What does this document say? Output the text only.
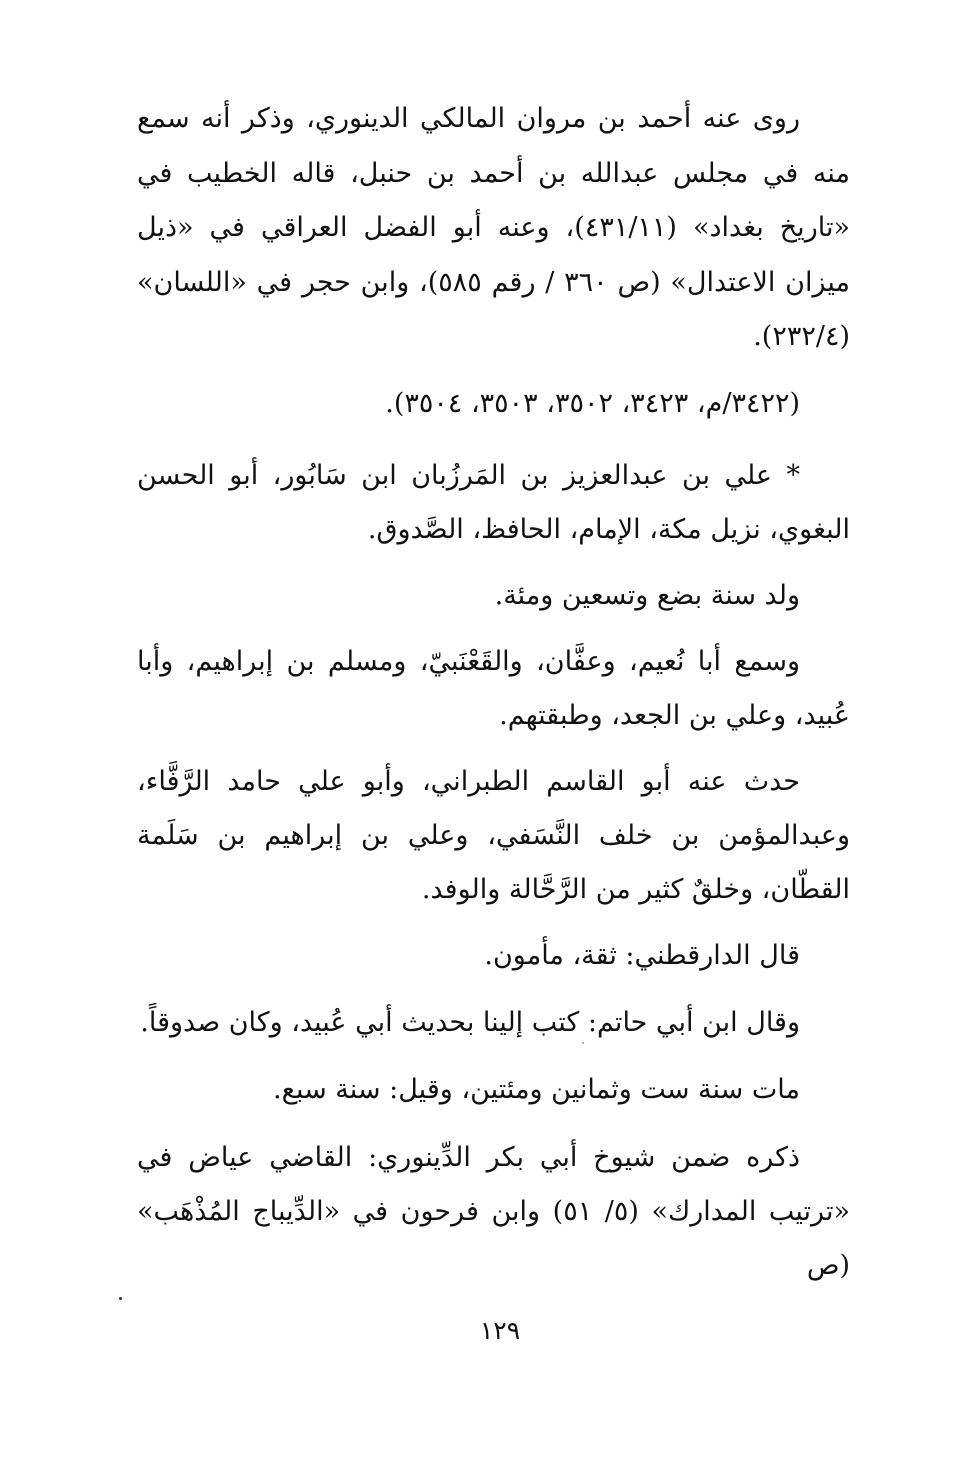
روى عنه أحمد بن مروان المالكي الدينوري، وذكر أنه سمع منه في مجلس عبدالله بن أحمد بن حنبل، قاله الخطيب في «تاريخ بغداد» (٤٣١/١١)، وعنه أبو الفضل العراقي في «ذيل ميزان الاعتدال» (ص ٣٦٠ / رقم ٥٨٥)، وابن حجر في «اللسان» (٢٣٢/٤).

(٣٤٢٢/م، ٣٤٢٣، ٣٥٠٢، ٣٥٠٣، ٣٥٠٤).

* علي بن عبدالعزيز بن المَرزُبان ابن سَابُور، أبو الحسن البغوي، نزيل مكة، الإمام، الحافظ، الصَّدوق.

ولد سنة بضع وتسعين ومئة.

وسمع أبا نُعيم، وعفَّان، والقَعْنَبيّ، ومسلم بن إبراهيم، وأبا عُبيد، وعلي بن الجعد، وطبقتهم.

حدث عنه أبو القاسم الطبراني، وأبو علي حامد الرَّفَّاء، وعبدالمؤمن بن خلف النَّسَفي، وعلي بن إبراهيم بن سَلَمة القطّان، وخلقٌ كثير من الرَّحَّالة والوفد.

قال الدارقطني: ثقة، مأمون.

وقال ابن أبي حاتم: كتب إلينا بحديث أبي عُبيد، وكان صدوقاً.

مات سنة ست وثمانين ومئتين، وقيل: سنة سبع.

ذكره ضمن شيوخ أبي بكر الدِّينوري: القاضي عياض في «ترتيب المدارك» (٥/ ٥١) وابن فرحون في «الدِّيباج المُذْهَب» (ص

١٢٩
